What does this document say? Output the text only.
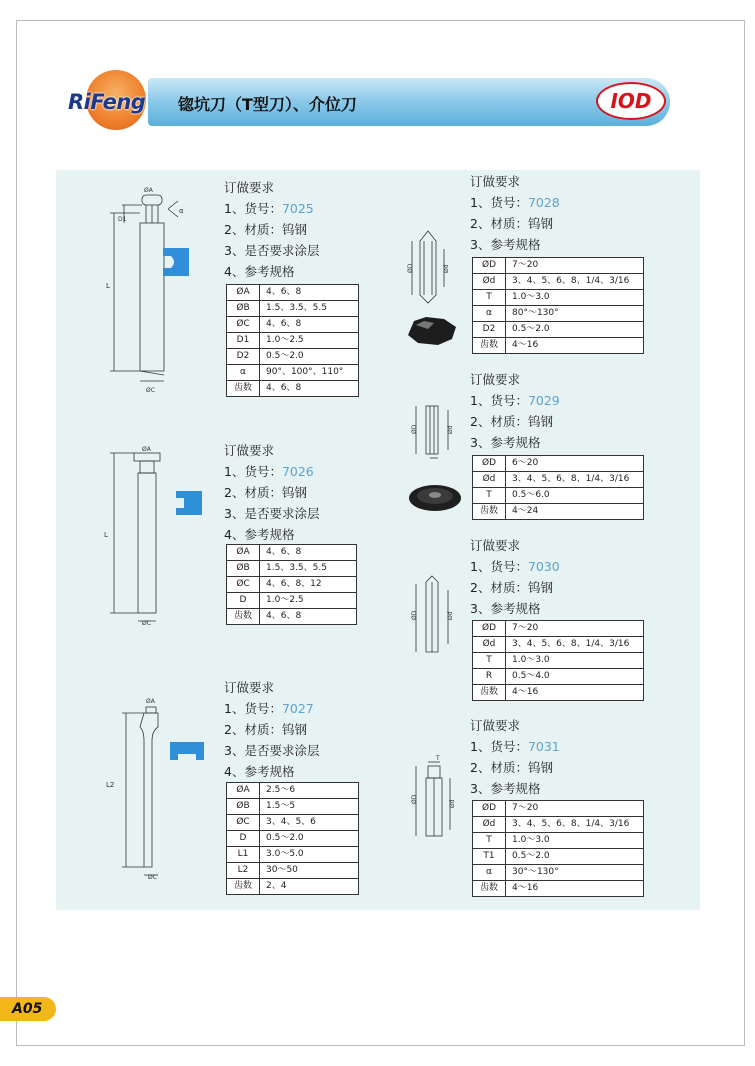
RiFeng 锪坑刀（T型刀）、介位刀	IOD
L
ØC
ØA
D1
α
订做要求
1、货号：7025
2、材质：钨钢
3、是否要求涂层
4、参考规格
ØA	4、6、8
ØB	1.5、3.5、5.5
ØC	4、6、8
D1	1.0～2.5
D2	0.5～2.0
α	90°、100°、110°
齿数	4、6、8
L
ØA
ØC
订做要求
1、货号：7026
2、材质：钨钢
3、是否要求涂层
4、参考规格
ØA	4、6、8
ØB	1.5、3.5、5.5
ØC	4、6、8、12
D	1.0～2.5
齿数	4、6、8
L2
ØA
ØC
订做要求
1、货号：7027
2、材质：钨钢
3、是否要求涂层
4、参考规格
ØA	2.5～6
ØB	1.5～5
ØC	3、4、5、6
D	0.5～2.0
L1	3.0～5.0
L2	30～50
齿数	2、4
ØD	Ød
订做要求
1、货号：7028
2、材质：钨钢
3、参考规格
ØD	7～20
Ød	3、4、5、6、8、1/4、3/16
T	1.0～3.0
α	80°～130°
D2	0.5～2.0
齿数	4～16
ØD	Ød
订做要求
1、货号：7029
2、材质：钨钢
3、参考规格
ØD	6～20
Ød	3、4、5、6、8、1/4、3/16
T	0.5～6.0
齿数	4～24
ØD	Ød
订做要求
1、货号：7030
2、材质：钨钢
3、参考规格
ØD	7～20
Ød	3、4、5、6、8、1/4、3/16
T	1.0～3.0
R	0.5～4.0
齿数	4～16
ØD	Ød
T
订做要求
1、货号：7031
2、材质：钨钢
3、参考规格
ØD	7～20
Ød	3、4、5、6、8、1/4、3/16
T	1.0～3.0
T1	0.5～2.0
α	30°～130°
齿数	4～16
A05
